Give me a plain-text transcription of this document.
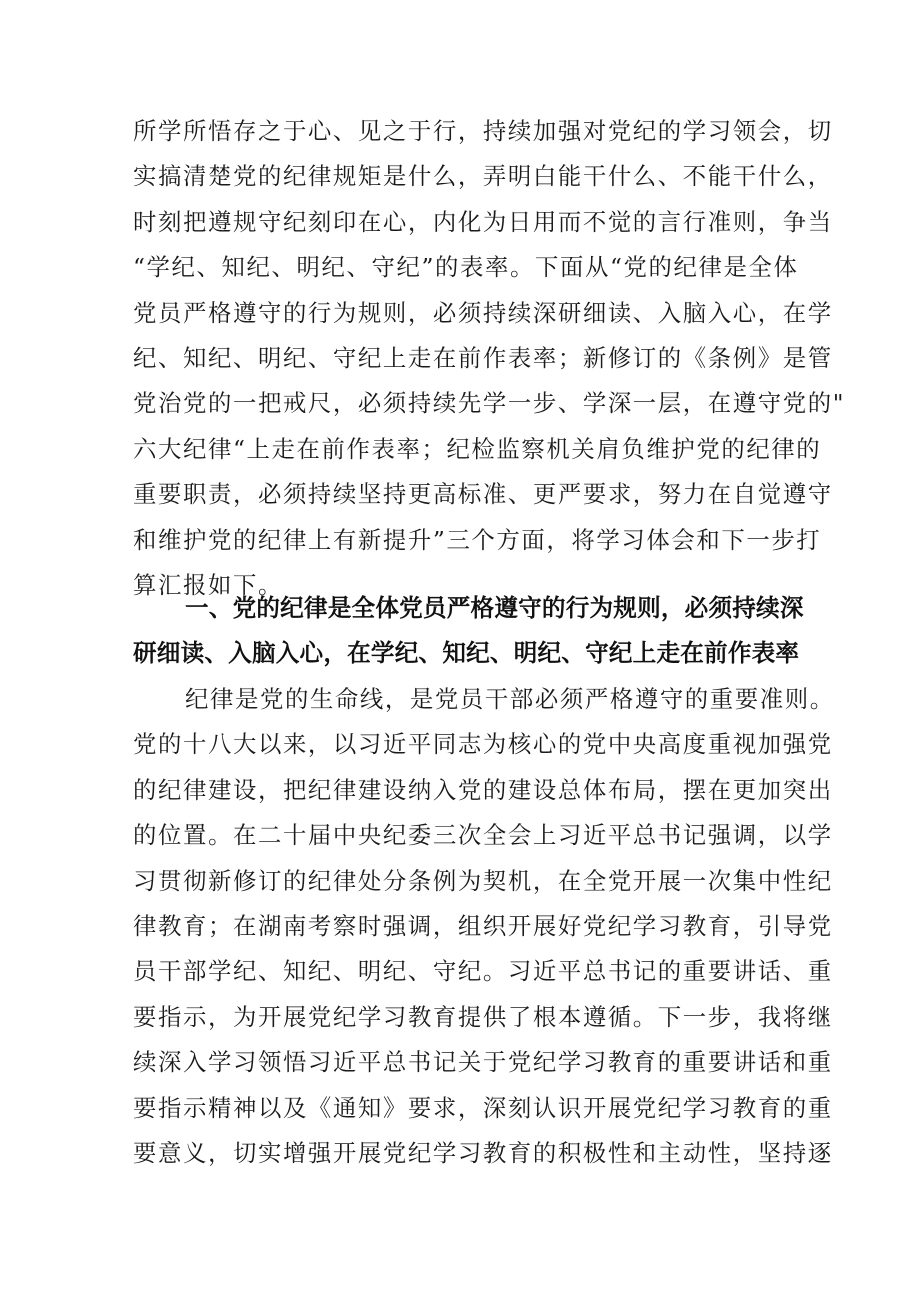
所学所悟存之于心、见之于行，持续加强对党纪的学习领会，切
实搞清楚党的纪律规矩是什么，弄明白能干什么、不能干什么，
时刻把遵规守纪刻印在心，内化为日用而不觉的言行准则，争当
“学纪、知纪、明纪、守纪”的表率。下面从“党的纪律是全体
党员严格遵守的行为规则，必须持续深研细读、入脑入心，在学
纪、知纪、明纪、守纪上走在前作表率；新修订的《条例》是管
党治党的一把戒尺，必须持续先学一步、学深一层，在遵守党的"
六大纪律“上走在前作表率；纪检监察机关肩负维护党的纪律的
重要职责，必须持续坚持更高标准、更严要求，努力在自觉遵守
和维护党的纪律上有新提升”三个方面，将学习体会和下一步打
算汇报如下。
一、党的纪律是全体党员严格遵守的行为规则，必须持续深
研细读、入脑入心，在学纪、知纪、明纪、守纪上走在前作表率
纪律是党的生命线，是党员干部必须严格遵守的重要准则。
党的十八大以来，以习近平同志为核心的党中央高度重视加强党
的纪律建设，把纪律建设纳入党的建设总体布局，摆在更加突出
的位置。在二十届中央纪委三次全会上习近平总书记强调，以学
习贯彻新修订的纪律处分条例为契机，在全党开展一次集中性纪
律教育；在湖南考察时强调，组织开展好党纪学习教育，引导党
员干部学纪、知纪、明纪、守纪。习近平总书记的重要讲话、重
要指示，为开展党纪学习教育提供了根本遵循。下一步，我将继
续深入学习领悟习近平总书记关于党纪学习教育的重要讲话和重
要指示精神以及《通知》要求，深刻认识开展党纪学习教育的重
要意义，切实增强开展党纪学习教育的积极性和主动性，坚持逐
